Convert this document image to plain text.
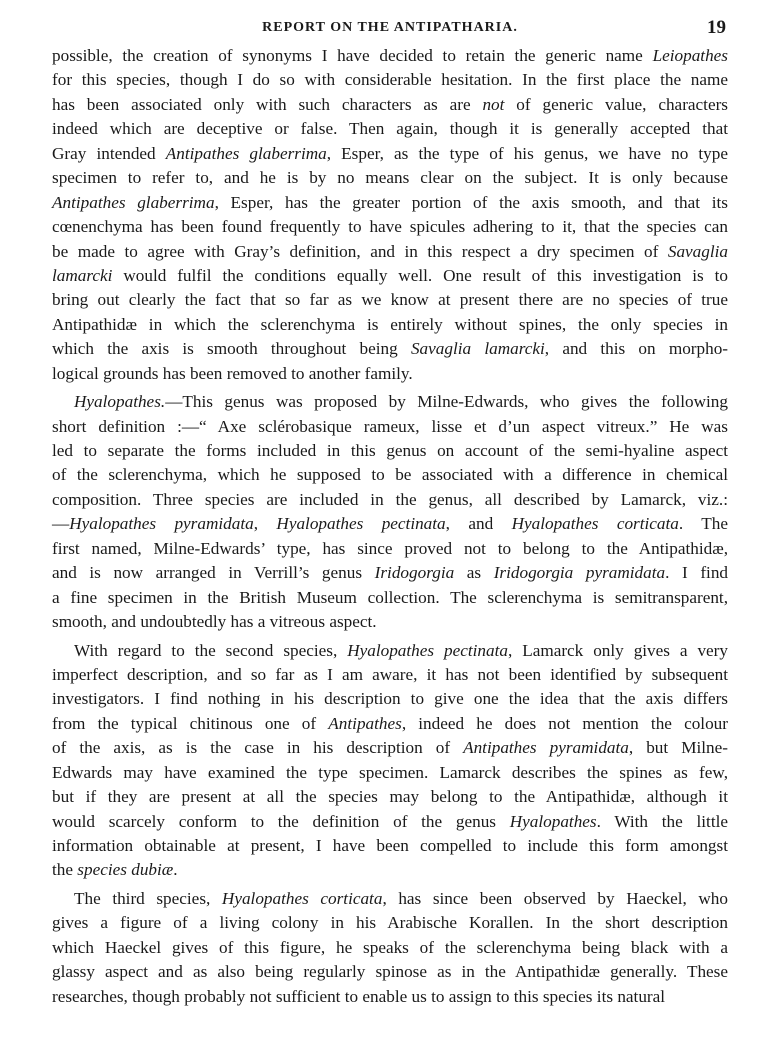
REPORT ON THE ANTIPATHARIA.	19
possible, the creation of synonyms I have decided to retain the generic name Leiopathes
for this species, though I do so with considerable hesitation. In the first place the name
has been associated only with such characters as are not of generic value, characters
indeed which are deceptive or false. Then again, though it is generally accepted that
Gray intended Antipathes glaberrima, Esper, as the type of his genus, we have no type
specimen to refer to, and he is by no means clear on the subject. It is only because
Antipathes glaberrima, Esper, has the greater portion of the axis smooth, and that its
cœnenchyma has been found frequently to have spicules adhering to it, that the species can
be made to agree with Gray’s definition, and in this respect a dry specimen of Savaglia
lamarcki would fulfil the conditions equally well. One result of this investigation is to
bring out clearly the fact that so far as we know at present there are no species of true
Antipathidæ in which the sclerenchyma is entirely without spines, the only species in
which the axis is smooth throughout being Savaglia lamarcki, and this on morpho-
logical grounds has been removed to another family.
Hyalopathes.—This genus was proposed by Milne-Edwards, who gives the following
short definition :—“ Axe sclérobasique rameux, lisse et d’un aspect vitreux.” He was
led to separate the forms included in this genus on account of the semi-hyaline aspect
of the sclerenchyma, which he supposed to be associated with a difference in chemical
composition. Three species are included in the genus, all described by Lamarck, viz.:
—Hyalopathes pyramidata, Hyalopathes pectinata, and Hyalopathes corticata. The
first named, Milne-Edwards’ type, has since proved not to belong to the Antipathidæ,
and is now arranged in Verrill’s genus Iridogorgia as Iridogorgia pyramidata. I find
a fine specimen in the British Museum collection. The sclerenchyma is semitransparent,
smooth, and undoubtedly has a vitreous aspect.
With regard to the second species, Hyalopathes pectinata, Lamarck only gives a very
imperfect description, and so far as I am aware, it has not been identified by subsequent
investigators. I find nothing in his description to give one the idea that the axis differs
from the typical chitinous one of Antipathes, indeed he does not mention the colour
of the axis, as is the case in his description of Antipathes pyramidata, but Milne-
Edwards may have examined the type specimen. Lamarck describes the spines as few,
but if they are present at all the species may belong to the Antipathidæ, although it
would scarcely conform to the definition of the genus Hyalopathes. With the little
information obtainable at present, I have been compelled to include this form amongst
the species dubiæ.
The third species, Hyalopathes corticata, has since been observed by Haeckel, who
gives a figure of a living colony in his Arabische Korallen. In the short description
which Haeckel gives of this figure, he speaks of the sclerenchyma being black with a
glassy aspect and as also being regularly spinose as in the Antipathidæ generally. These
researches, though probably not sufficient to enable us to assign to this species its natural
